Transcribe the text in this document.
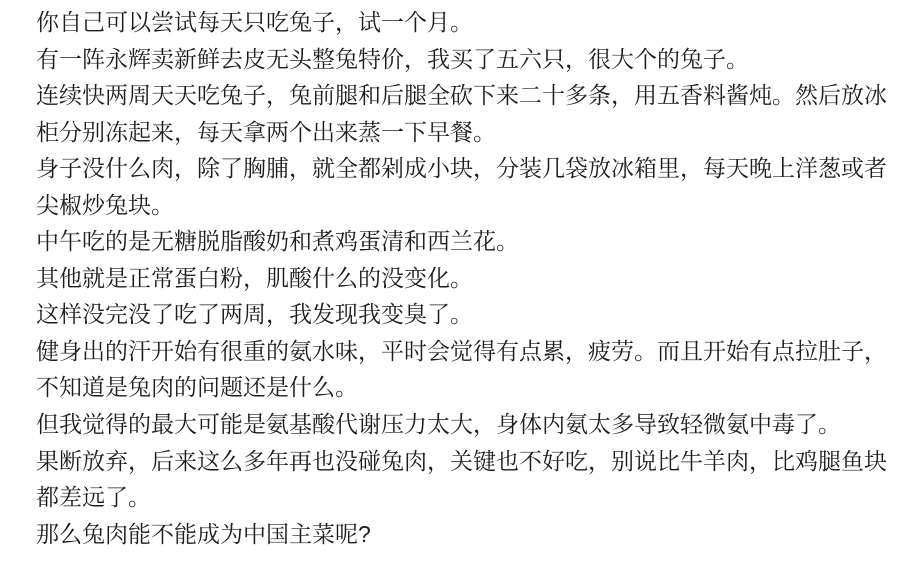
你自己可以尝试每天只吃兔子，试一个月。

有一阵永辉卖新鲜去皮无头整兔特价，我买了五六只，很大个的兔子。

连续快两周天天吃兔子，兔前腿和后腿全砍下来二十多条，用五香料酱炖。然后放冰柜分别冻起来，每天拿两个出来蒸一下早餐。

身子没什么肉，除了胸脯，就全都剁成小块，分装几袋放冰箱里，每天晚上洋葱或者尖椒炒兔块。

中午吃的是无糖脱脂酸奶和煮鸡蛋清和西兰花。

其他就是正常蛋白粉，肌酸什么的没变化。

这样没完没了吃了两周，我发现我变臭了。

健身出的汗开始有很重的氨水味，平时会觉得有点累，疲劳。而且开始有点拉肚子，不知道是兔肉的问题还是什么。

但我觉得的最大可能是氨基酸代谢压力太大，身体内氨太多导致轻微氨中毒了。

果断放弃，后来这么多年再也没碰兔肉，关键也不好吃，别说比牛羊肉，比鸡腿鱼块都差远了。

那么兔肉能不能成为中国主菜呢?
